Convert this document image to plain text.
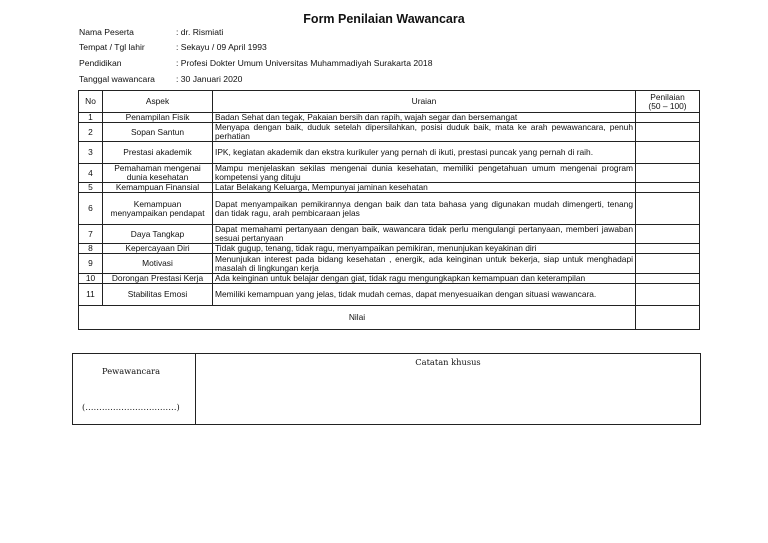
Form Penilaian Wawancara
Nama Peserta	: dr. Rismiati
Tempat / Tgl lahir	: Sekayu / 09 April 1993
Pendidikan	: Profesi Dokter Umum Universitas Muhammadiyah Surakarta 2018
Tanggal wawancara : 30 Januari 2020
No	Aspek	Uraian	Penilaian
(50 – 100)

1	Penampilan Fisik	Badan Sehat dan tegak, Pakaian bersih dan rapih, wajah segar dan bersemangat	
2	Sopan Santun	Menyapa dengan baik, duduk setelah dipersilahkan, posisi duduk baik, mata ke arah pewawancara, penuh perhatian	
3	Prestasi akademik	IPK, kegiatan akademik dan ekstra kurikuler yang pernah di ikuti, prestasi puncak yang pernah di raih.	
4	Pemahaman mengenai dunia kesehatan	Mampu menjelaskan sekilas mengenai dunia kesehatan, memiliki pengetahuan umum mengenai program kompetensi yang dituju	
5	Kemampuan Finansial	Latar Belakang Keluarga, Mempunyai jaminan kesehatan	
6	Kemampuan menyampaikan pendapat	Dapat menyampaikan pemikirannya dengan baik dan tata bahasa yang digunakan mudah dimengerti, tenang dan tidak ragu, arah pembicaraan jelas	
7	Daya Tangkap	Dapat memahami pertanyaan dengan baik, wawancara tidak perlu mengulangi pertanyaan, memberi jawaban sesuai pertanyaan	
8	Kepercayaan Diri	Tidak gugup, tenang, tidak ragu, menyampaikan pemikiran, menunjukan keyakinan diri	
9	Motivasi	Menunjukan interest pada bidang kesehatan , energik, ada keinginan untuk bekerja, siap untuk menghadapi masalah di lingkungan kerja	
10	Dorongan Prestasi Kerja	Ada keinginan untuk belajar dengan giat, tidak ragu mengungkapkan kemampuan dan keterampilan	
11	Stabilitas Emosi	Memiliki kemampuan yang jelas, tidak mudah cemas, dapat menyesuaikan dengan situasi wawancara.	
Nilai			
Pewawancara
(……………………………)
	Catatan khusus
